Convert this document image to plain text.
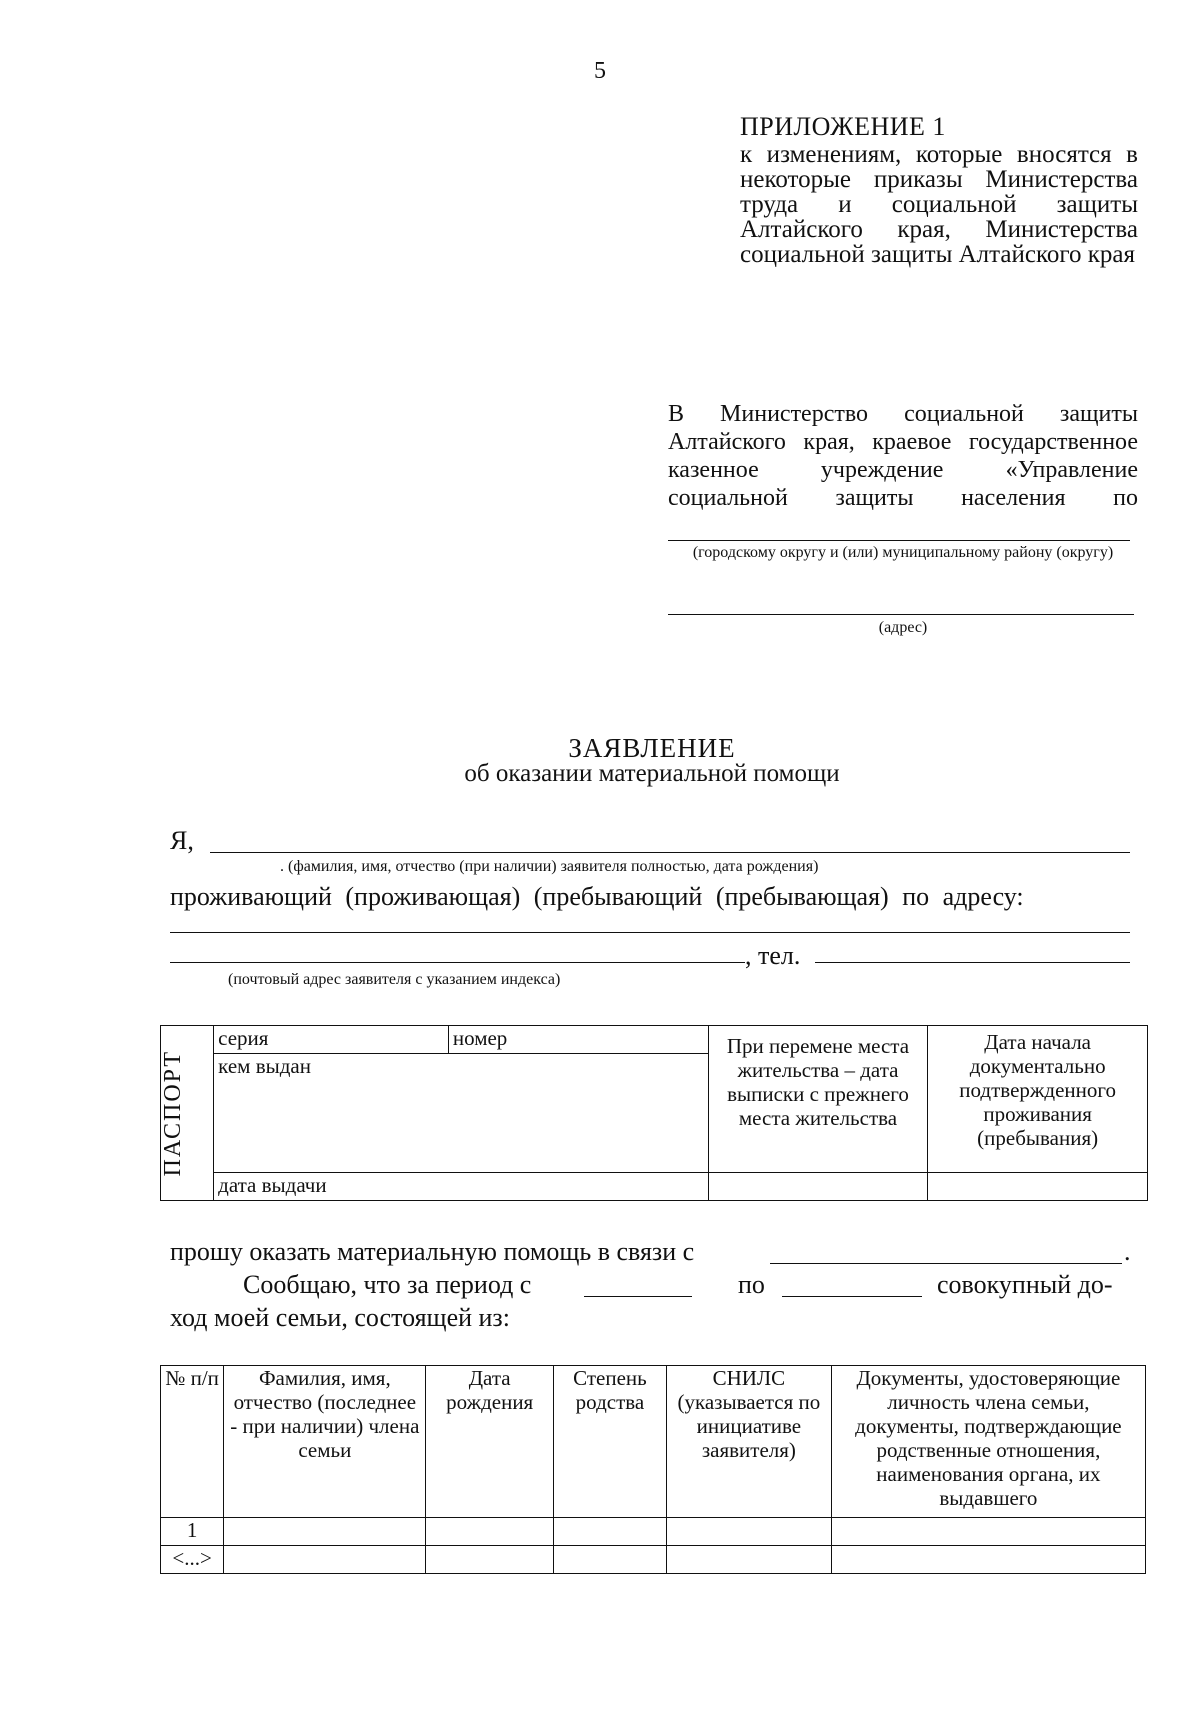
5
ПРИЛОЖЕНИЕ 1
к изменениям, которые вносятся в некоторые приказы Министерства труда и социальной защиты Алтайского края, Министерства социальной защиты Алтайского края
В Министерство социальной защиты Алтайского края, краевое государственное казенное учреждение «Управление социальной защиты населения по
(городскому округу и (или) муниципальному району (округу)
(адрес)
ЗАЯВЛЕНИЕ
об оказании материальной помощи
Я,
. (фамилия, имя, отчество (при наличии) заявителя полностью, дата рождения)
проживающий (проживающая) (пребывающий (пребывающая) по адресу:
, тел.
(почтовый адрес заявителя с указанием индекса)
ПАСПОРТ	серия	номер	При перемене места жительства – дата выписки с прежнего места жительства	Дата начала документально подтвержденного проживания (пребывания)
	кем выдан			
	дата выдачи			
прошу оказать материальную помощь в связи с	.
Сообщаю, что за период с	по	совокупный до-
ход моей семьи, состоящей из:
№ п/п	Фамилия, имя, отчество (последнее - при наличии) члена семьи	Дата рождения	Степень родства	СНИЛС (указывается по инициативе заявителя)	Документы, удостоверяющие личность члена семьи, документы, подтверждающие родственные отношения, наименования органа, их выдавшего
1					
<...>					
